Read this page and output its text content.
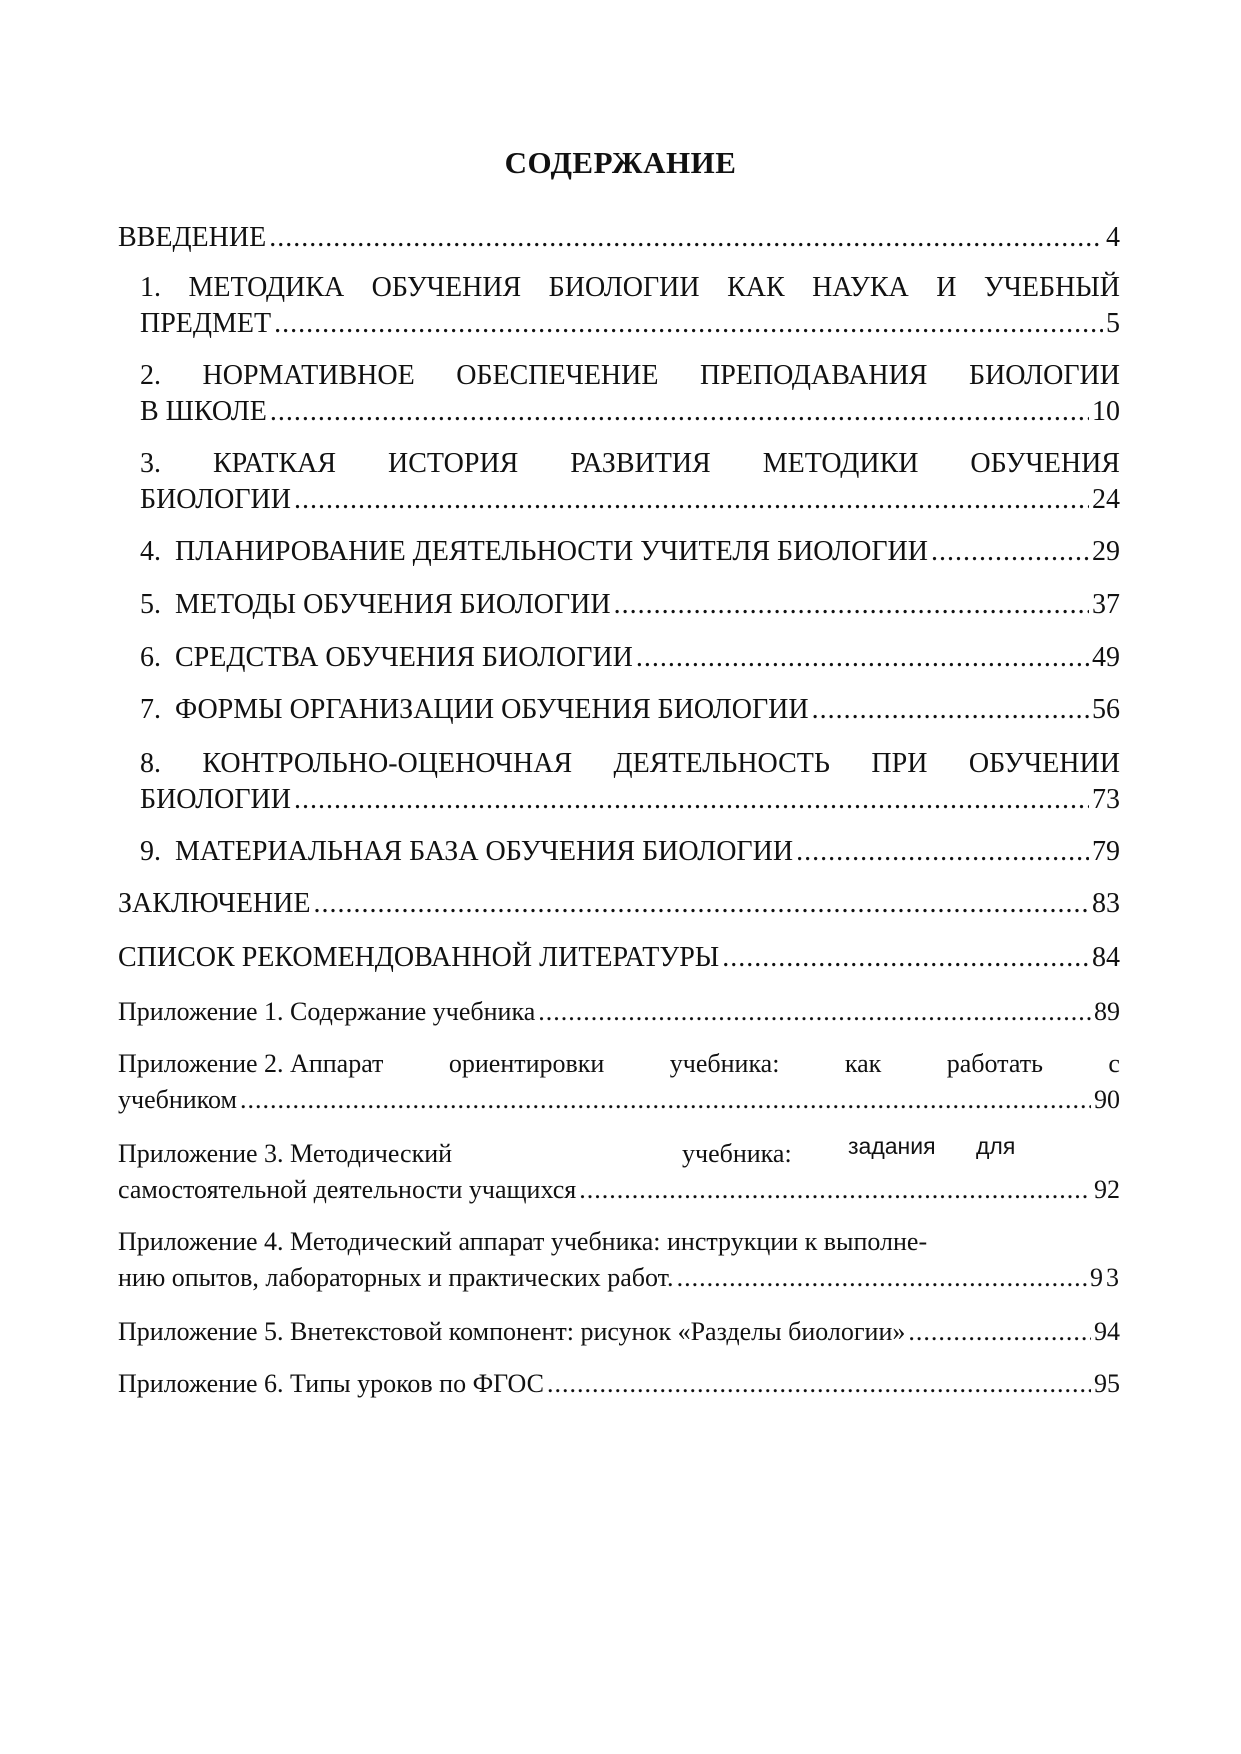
СОДЕРЖАНИЕ
ВВЕДЕНИЕ .....	4
1. МЕТОДИКА ОБУЧЕНИЯ БИОЛОГИИ КАК НАУКА И УЧЕБНЫЙ
ПРЕДМЕТ .....	5
2. НОРМАТИВНОЕ ОБЕСПЕЧЕНИЕ ПРЕПОДАВАНИЯ БИОЛОГИИ
В ШКОЛЕ .....	10
3. КРАТКАЯ ИСТОРИЯ РАЗВИТИЯ МЕТОДИКИ ОБУЧЕНИЯ
БИОЛОГИИ .....	24
4.  ПЛАНИРОВАНИЕ ДЕЯТЕЛЬНОСТИ УЧИТЕЛЯ БИОЛОГИИ .....	29
5.  МЕТОДЫ ОБУЧЕНИЯ БИОЛОГИИ .....	37
6.  СРЕДСТВА ОБУЧЕНИЯ БИОЛОГИИ .....	49
7.  ФОРМЫ ОРГАНИЗАЦИИ ОБУЧЕНИЯ БИОЛОГИИ .....	56
8. КОНТРОЛЬНО-ОЦЕНОЧНАЯ ДЕЯТЕЛЬНОСТЬ ПРИ ОБУЧЕНИИ
БИОЛОГИИ .....	73
9.  МАТЕРИАЛЬНАЯ БАЗА ОБУЧЕНИЯ БИОЛОГИИ .....	79
ЗАКЛЮЧЕНИЕ .....	83
СПИСОК РЕКОМЕНДОВАННОЙ ЛИТЕРАТУРЫ .....	84
Приложение 1. Содержание учебника .....	89
Приложение 2. Аппарат	ориентировки	учебника:	как	работать	с
учебником .....	90
Приложение 3. Методический	учебника: задания для
самостоятельной деятельности учащихся .....	92
Приложение 4. Методический аппарат учебника: инструкции к выполне-
нию опытов, лабораторных и практических работ. .....	93
Приложение 5. Внетекстовой компонент: рисунок «Разделы биологии» .....	94
Приложение 6. Типы уроков по ФГОС .....	95
